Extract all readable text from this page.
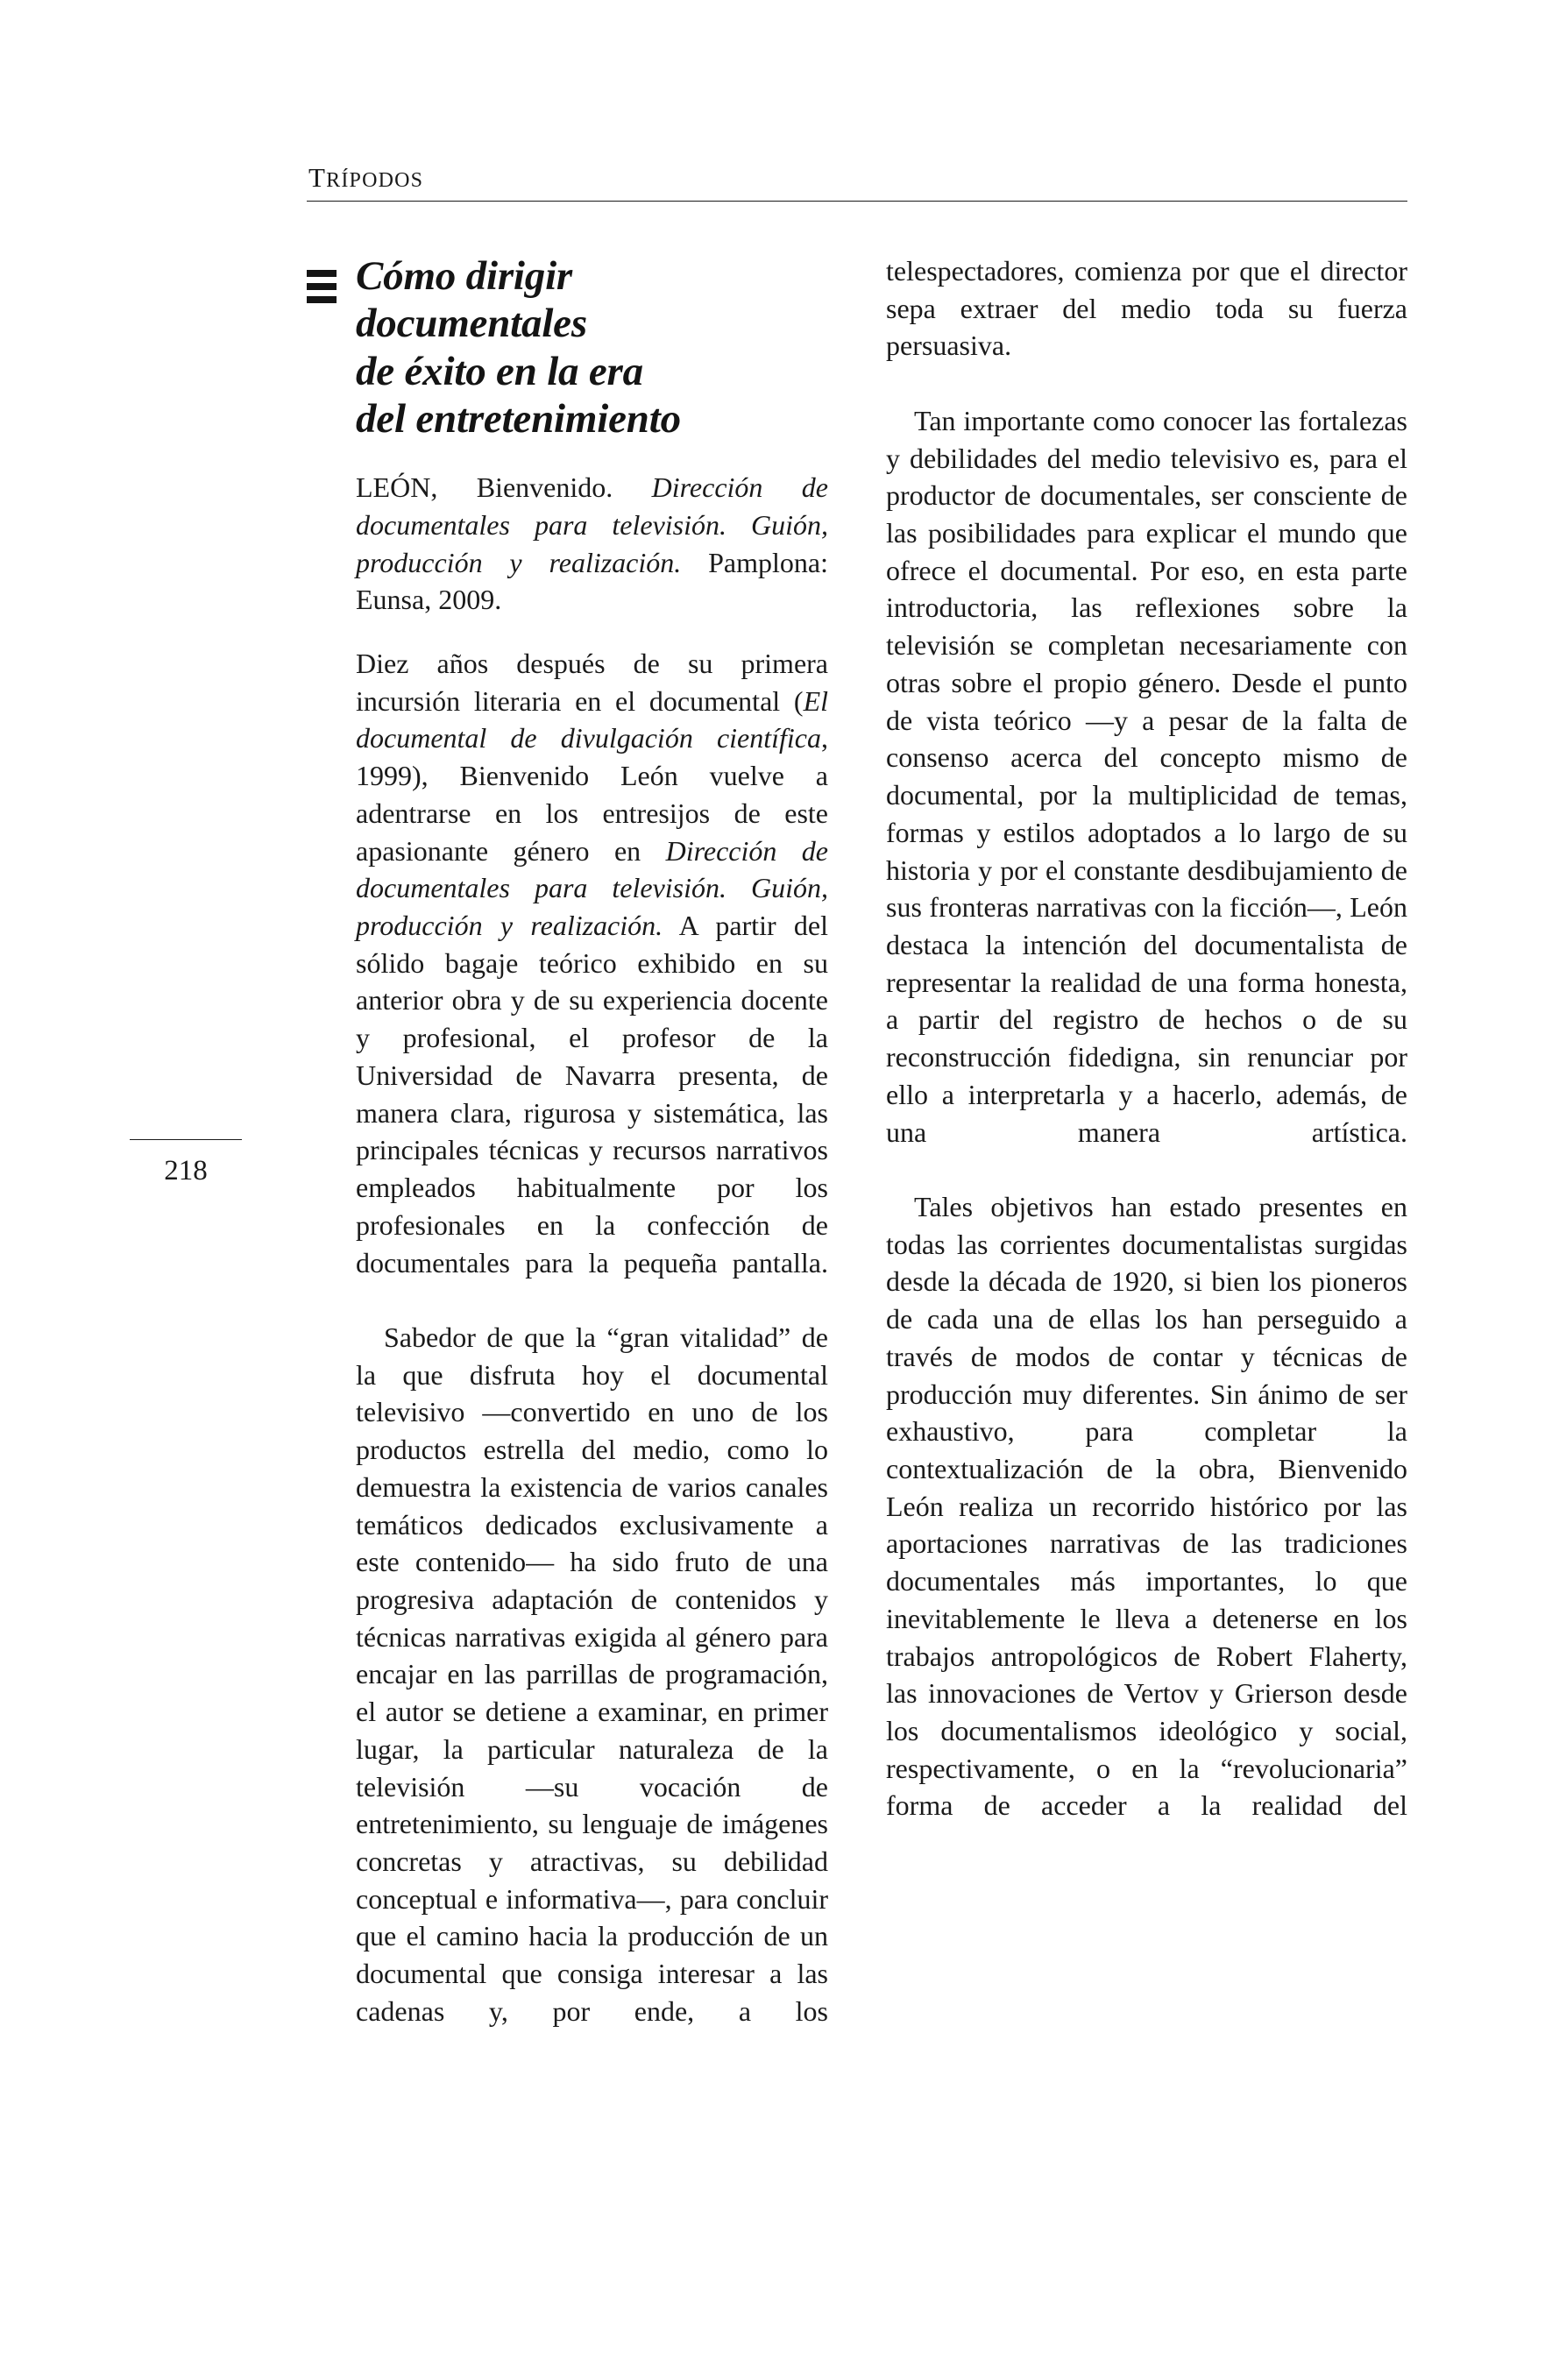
TRÍPODOS
218
Cómo dirigir
documentales
de éxito en la era
del entretenimiento
LEÓN, Bienvenido. Dirección de documentales para televisión. Guión, producción y realización. Pamplona: Eunsa, 2009.

Diez años después de su primera incursión literaria en el documental (El documental de divulgación científica, 1999), Bienvenido León vuelve a adentrarse en los entresijos de este apasionante género en Dirección de documentales para televisión. Guión, producción y realización. A partir del sólido bagaje teórico exhibido en su anterior obra y de su experiencia docente y profesional, el profesor de la Universidad de Navarra presenta, de manera clara, rigurosa y sistemática, las principales técnicas y recursos narrativos empleados habitualmente por los profesionales en la confección de documentales para la pequeña pantalla.

Sabedor de que la “gran vitalidad” de la que disfruta hoy el documental televisivo —convertido en uno de los productos estrella del medio, como lo demuestra la existencia de varios canales temáticos dedicados exclusivamente a este contenido— ha sido fruto de una progresiva adaptación de contenidos y técnicas narrativas exigida al género para encajar en las parrillas de programación, el autor se detiene a examinar, en primer lugar, la particular naturaleza de la televisión —su vocación de entretenimiento, su lenguaje de imágenes concretas y atractivas, su debilidad conceptual e informativa—, para concluir que el camino hacia la producción de un documental que consiga interesar a las cadenas y, por ende, a los

telespectadores, comienza por que el director sepa extraer del medio toda su fuerza persuasiva.

Tan importante como conocer las fortalezas y debilidades del medio televisivo es, para el productor de documentales, ser consciente de las posibilidades para explicar el mundo que ofrece el documental. Por eso, en esta parte introductoria, las reflexiones sobre la televisión se completan necesariamente con otras sobre el propio género. Desde el punto de vista teórico —y a pesar de la falta de consenso acerca del concepto mismo de documental, por la multiplicidad de temas, formas y estilos adoptados a lo largo de su historia y por el constante desdibujamiento de sus fronteras narrativas con la ficción—, León destaca la intención del documentalista de representar la realidad de una forma honesta, a partir del registro de hechos o de su reconstrucción fidedigna, sin renunciar por ello a interpretarla y a hacerlo, además, de una manera artística.

Tales objetivos han estado presentes en todas las corrientes documentalistas surgidas desde la década de 1920, si bien los pioneros de cada una de ellas los han perseguido a través de modos de contar y técnicas de producción muy diferentes. Sin ánimo de ser exhaustivo, para completar la contextualización de la obra, Bienvenido León realiza un recorrido histórico por las aportaciones narrativas de las tradiciones documentales más importantes, lo que inevitablemente le lleva a detenerse en los trabajos antropológicos de Robert Flaherty, las innovaciones de Vertov y Grierson desde los documentalismos ideológico y social, respectivamente, o en la “revolucionaria” forma de acceder a la realidad del
